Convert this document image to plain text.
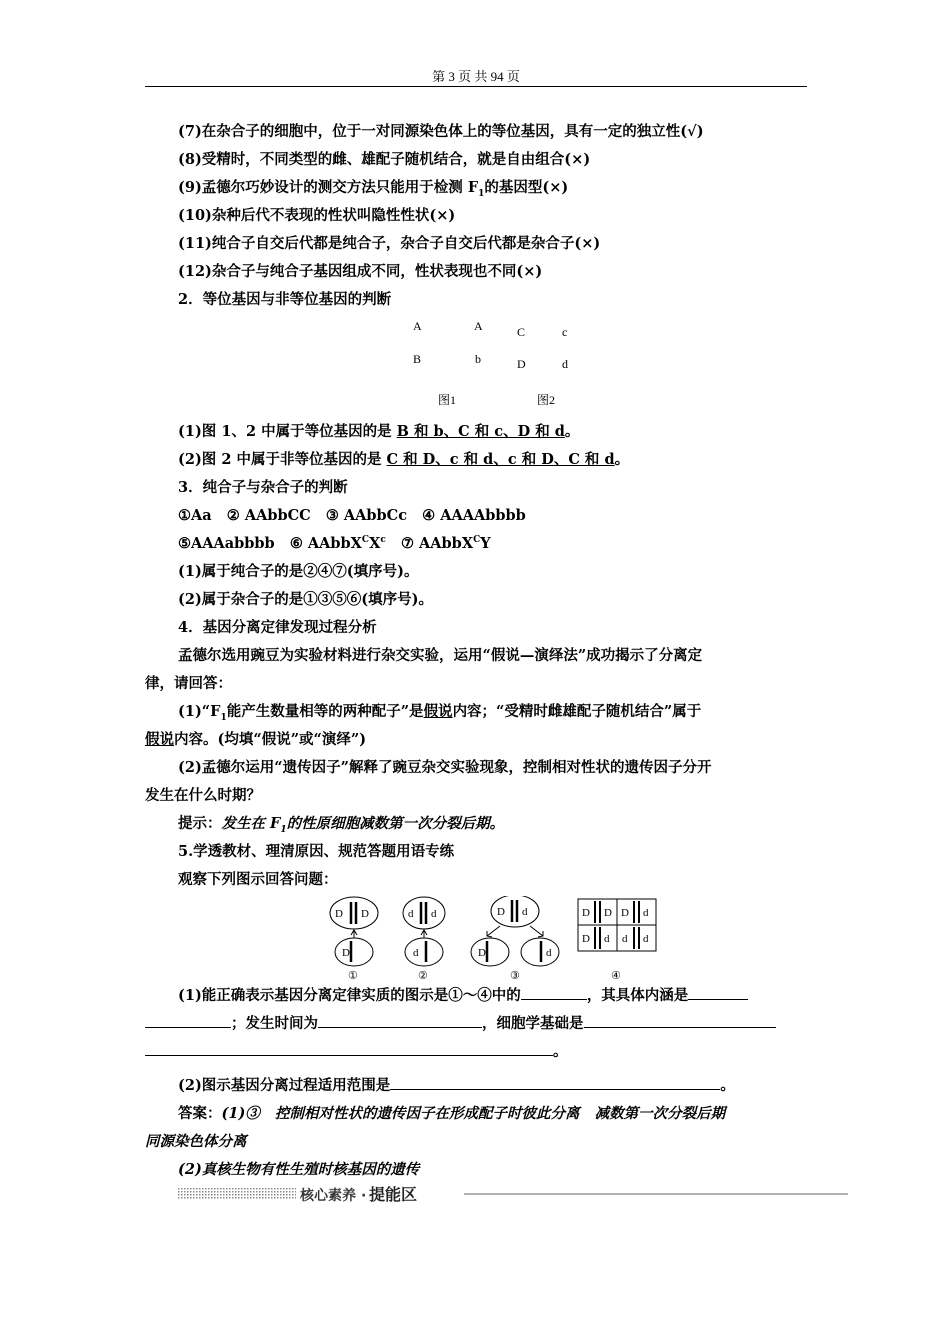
第 3 页 共 94 页
(7)在杂合子的细胞中，位于一对同源染色体上的等位基因，具有一定的独立性(√)
(8)受精时，不同类型的雌、雄配子随机结合，就是自由组合(×)
(9)孟德尔巧妙设计的测交方法只能用于检测 $F_1$的基因型(×)
(10)杂种后代不表现的性状叫隐性性状(×)
(11)纯合子自交后代都是纯合子，杂合子自交后代都是杂合子(×)
(12)杂合子与纯合子基因组成不同，性状表现也不同(×)
2．等位基因与非等位基因的判断
A	A
B	b
C	c
D	d
图1	图2
(1)图 1、2 中属于等位基因的是 B 和 b、C 和 c、D 和 d。
(2)图 2 中属于非等位基因的是 C 和 D、c 和 d、c 和 D、C 和 d。
3．纯合子与杂合子的判断
①Aa   ② AAbbCC   ③ AAbbCc   ④ AAAAbbbb
⑤AAAabbbb   ⑥ $AAbbX^CX^c$   ⑦ AAbbX$^C$Y
(1)属于纯合子的是②④⑦(填序号)。
(2)属于杂合子的是①③⑤⑥(填序号)。
4．基因分离定律发现过程分析
孟德尔选用豌豆为实验材料进行杂交实验，运用“假说—演绎法”成功揭示了分离定
律，请回答：
$(1)“F_1$能产生数量相等的两种配子”是假说内容；“受精时雌雄配子随机结合”属于
假说内容。(均填“假说”或“演绎”)
(2)孟德尔运用“遗传因子”解释了豌豆杂交实验现象，控制相对性状的遗传因子分开
发生在什么时期？
提示：发生在 $F_1$的性原细胞减数第一次分裂后期。
5.学透教材、理清原因、规范答题用语专练
观察下列图示回答问题：
D D
D
d d
d
D d
D	d
D D D d
D d d d
①	②	③	④
(1)能正确表示基因分离定律实质的图示是①～④中的	，其具体内涵是
；发生时间为	，细胞学基础是
。
(2)图示基因分离过程适用范围是	。
答案：(1)③   控制相对性状的遗传因子在形成配子时彼此分离   减数第一次分裂后期
同源染色体分离
(2)真核生物有性生殖时核基因的遗传
核心素养 · 提能区
